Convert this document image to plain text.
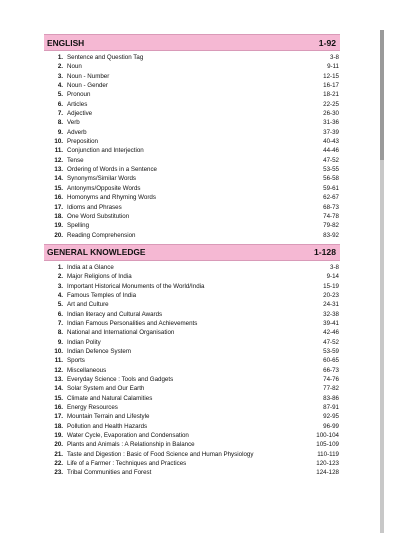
ENGLISH	1-92
1. Sentence and Question Tag	3-8
2. Noun	9-11
3. Noun - Number	12-15
4. Noun - Gender	16-17
5. Pronoun	18-21
6. Articles	22-25
7. Adjective	26-30
8. Verb	31-36
9. Adverb	37-39
10. Preposition	40-43
11. Conjunction and Interjection	44-46
12. Tense	47-52
13. Ordering of Words in a Sentence	53-55
14. Synonyms/Similar Words	56-58
15. Antonyms/Opposite Words	59-61
16. Homonyms and Rhyming Words	62-67
17. Idioms and Phrases	68-73
18. One Word Substitution	74-78
19. Spelling	79-82
20. Reading Comprehension	83-92
GENERAL KNOWLEDGE	1-128
1. India at a Glance	3-8
2. Major Religions of India	9-14
3. Important Historical Monuments of the World/India	15-19
4. Famous Temples of India	20-23
5. Art and Culture	24-31
6. Indian literacy and Cultural Awards	32-38
7. Indian Famous Personalities and Achievements	39-41
8. National and International Organisation	42-46
9. Indian Polity	47-52
10. Indian Defence System	53-59
11. Sports	60-65
12. Miscellaneous	66-73
13. Everyday Science : Tools and Gadgets	74-76
14. Solar System and Our Earth	77-82
15. Climate and Natural Calamities	83-86
16. Energy Resources	87-91
17. Mountain Terrain and Lifestyle	92-95
18. Pollution and Health Hazards	96-99
19. Water Cycle, Evaporation and Condensation	100-104
20. Plants and Animals : A Relationship in Balance	105-109
21. Taste and Digestion : Basic of Food Science and Human Physiology	110-119
22. Life of a Farmer : Techniques and Practices	120-123
23. Tribal Communities and Forest	124-128
